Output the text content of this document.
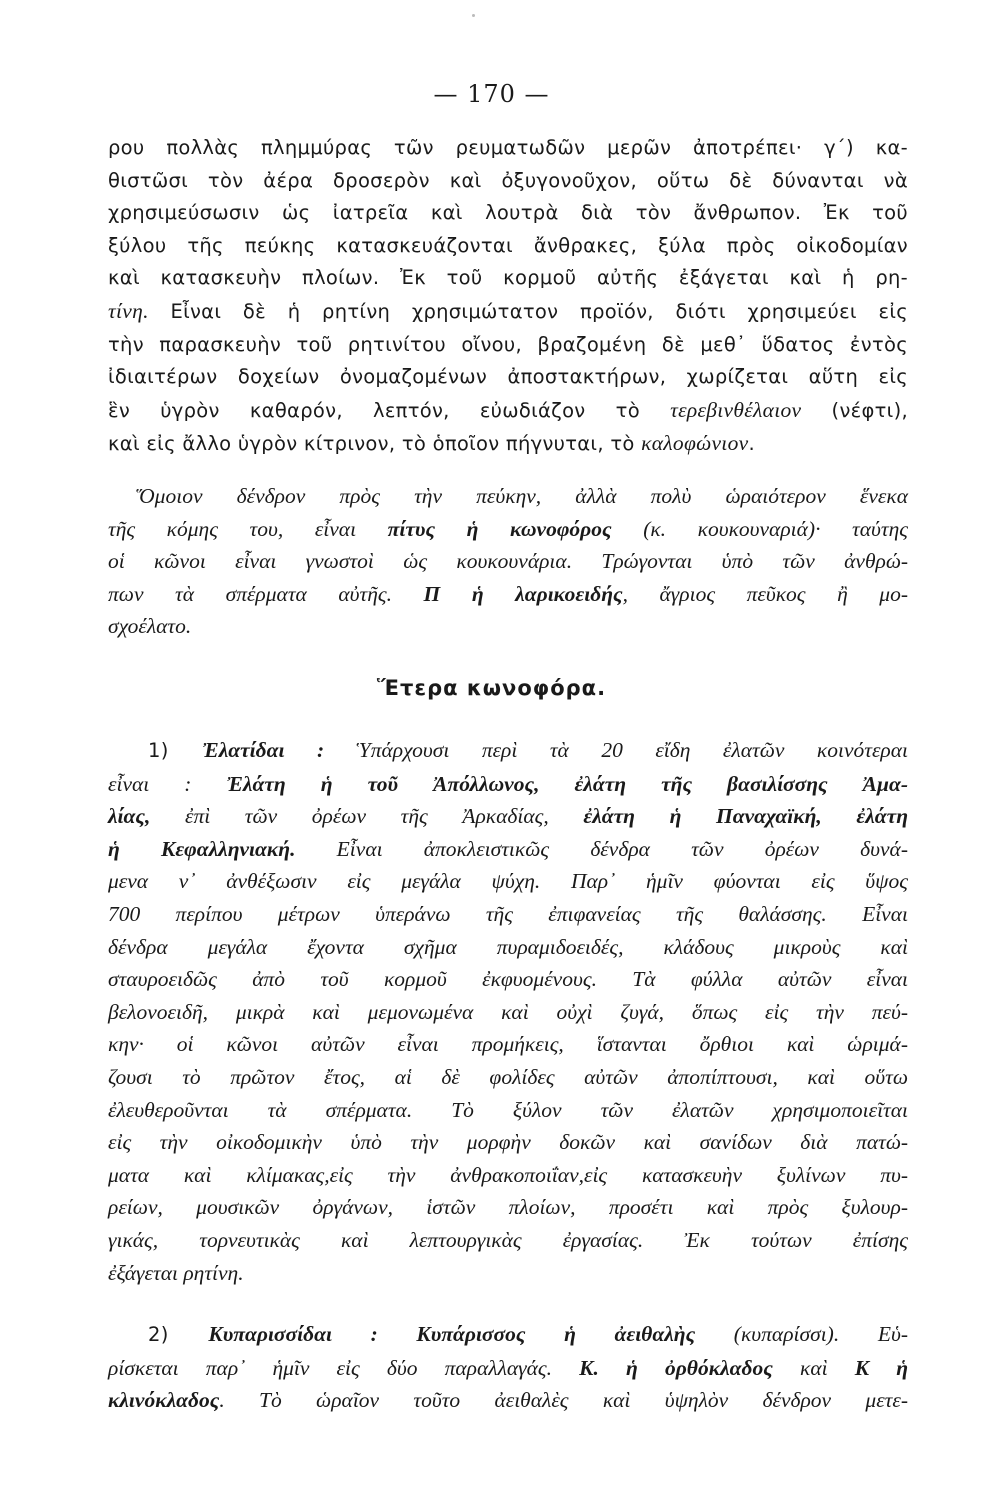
— 170 —
ρου πολλὰς πλημμύρας τῶν ρευματωδῶν μερῶν ἀποτρέπει· γ΄) κα-
θιστῶσι τὸν ἀέρα δροσερὸν καὶ ὀξυγονοῦχον, οὕτω δὲ δύνανται νὰ
χρησιμεύσωσιν ὡς ἰατρεῖα καὶ λουτρὰ διὰ τὸν ἄνθρωπον. Ἐκ τοῦ
ξύλου τῆς πεύκης κατασκευάζονται ἄνθρακες, ξύλα πρὸς οἰκοδομίαν
καὶ κατασκευὴν πλοίων. Ἐκ τοῦ κορμοῦ αὐτῆς ἐξάγεται καὶ ἡ ρη-
τίνη. Εἶναι δὲ ἡ ρητίνη χρησιμώτατον προϊόν, διότι χρησιμεύει εἰς
τὴν παρασκευὴν τοῦ ρητινίτου οἴνου, βραζομένη δὲ μεθ᾽ ὕδατος ἐντὸς
ἰδιαιτέρων δοχείων ὀνομαζομένων ἀποστακτήρων, χωρίζεται αὕτη εἰς
ἓν ὑγρὸν καθαρόν, λεπτόν, εὐωδιάζον τὸ τερεβινθέλαιον (νέφτι),
καὶ εἰς ἄλλο ὑγρὸν κίτρινον, τὸ ὁποῖον πήγνυται, τὸ καλοφώνιον.
Ὅμοιον δένδρον πρὸς τὴν πεύκην, ἀλλὰ πολὺ ὡραιότερον ἕνεκα
τῆς κόμης του, εἶναι πίτυς ἡ κωνοφόρος (κ. κουκουναριά)· ταύτης
οἱ κῶνοι εἶναι γνωστοὶ ὡς κουκουνάρια. Τρώγονται ὑπὸ τῶν ἀνθρώ-
πων τὰ σπέρματα αὐτῆς. Π ἡ λαρικοειδής, ἄγριος πεῦκος ἢ μο-
σχοέλατο.
Ἕτερα κωνοφόρα.
1) Ἐλατίδαι : Ὑπάρχουσι περὶ τὰ 20 εἴδη ἐλατῶν κοινότεραι
εἶναι : Ἐλάτη ἡ τοῦ Ἀπόλλωνος, ἐλάτη τῆς βασιλίσσης Ἀμα-
λίας, ἐπὶ τῶν ὀρέων τῆς Ἀρκαδίας, ἐλάτη ἡ Παναχαϊκή, ἐλάτη
ἡ Κεφαλληνιακή. Εἶναι ἀποκλειστικῶς δένδρα τῶν ὀρέων δυνά-
μενα ν᾽ ἀνθέξωσιν εἰς μεγάλα ψύχη. Παρ᾽ ἡμῖν φύονται εἰς ὕψος
700 περίπου μέτρων ὑπεράνω τῆς ἐπιφανείας τῆς θαλάσσης. Εἶναι
δένδρα μεγάλα ἔχοντα σχῆμα πυραμιδοειδές, κλάδους μικροὺς καὶ
σταυροειδῶς ἀπὸ τοῦ κορμοῦ ἐκφυομένους. Τὰ φύλλα αὐτῶν εἶναι
βελονοειδῆ, μικρὰ καὶ μεμονωμένα καὶ οὐχὶ ζυγά, ὅπως εἰς τὴν πεύ-
κην· οἱ κῶνοι αὐτῶν εἶναι προμήκεις, ἵστανται ὄρθιοι καὶ ὡριμά-
ζουσι τὸ πρῶτον ἔτος, αἱ δὲ φολίδες αὐτῶν ἀποπίπτουσι, καὶ οὕτω
ἐλευθεροῦνται τὰ σπέρματα. Τὸ ξύλον τῶν ἐλατῶν χρησιμοποιεῖται
εἰς τὴν οἰκοδομικὴν ὑπὸ τὴν μορφὴν δοκῶν καὶ σανίδων διὰ πατώ-
ματα καὶ κλίμακας,εἰς τὴν ἀνθρακοποιΐαν,εἰς κατασκευὴν ξυλίνων πυ-
ρείων, μουσικῶν ὀργάνων, ἱστῶν πλοίων, προσέτι καὶ πρὸς ξυλουρ-
γικάς, τορνευτικὰς καὶ λεπτουργικὰς ἐργασίας. Ἐκ τούτων ἐπίσης
ἐξάγεται ρητίνη.
2) Κυπαρισσίδαι : Κυπάρισσος ἡ ἀειθαλὴς (κυπαρίσσι). Εὑ-
ρίσκεται παρ᾽ ἡμῖν εἰς δύο παραλλαγάς. Κ. ἡ ὀρθόκλαδος καὶ Κ ἡ
κλινόκλαδος. Τὸ ὡραῖον τοῦτο ἀειθαλὲς καὶ ὑψηλὸν δένδρον μετε-
